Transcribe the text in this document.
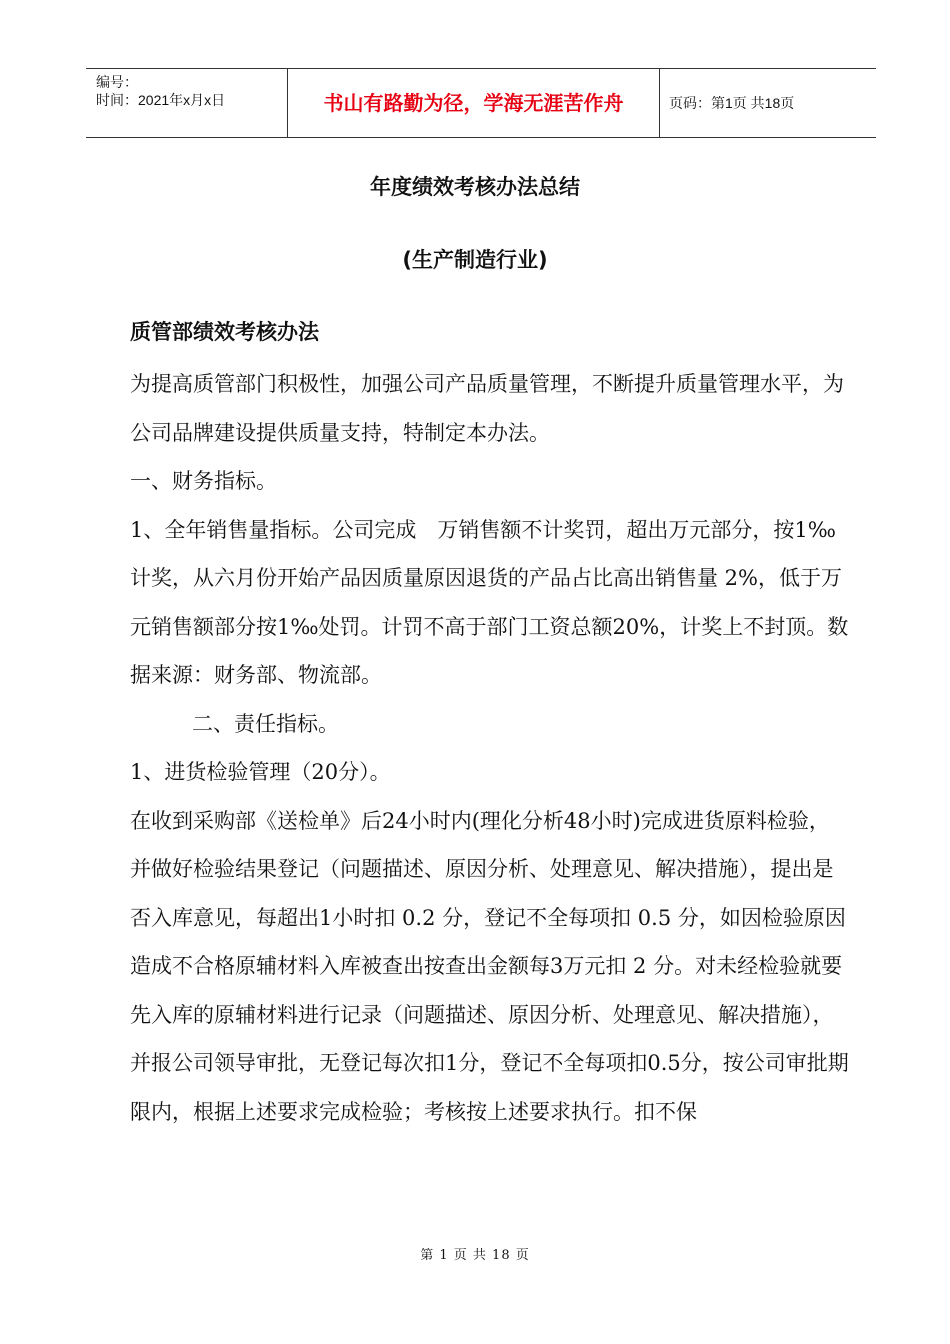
编号：
时间：2021年x月x日	书山有路勤为径，学海无涯苦作舟	页码：第1页 共18页
年度绩效考核办法总结
(生产制造行业)
质管部绩效考核办法

为提高质管部门积极性，加强公司产品质量管理，不断提升质量管理水平，为公司品牌建设提供质量支持，特制定本办法。

一、财务指标。

1、全年销售量指标。公司完成　万销售额不计奖罚，超出万元部分，按1‰计奖，从六月份开始产品因质量原因退货的产品占比高出销售量 2%，低于万元销售额部分按1‰处罚。计罚不高于部门工资总额20%，计奖上不封顶。数据来源：财务部、物流部。

二、责任指标。

1、进货检验管理（20分）。

在收到采购部《送检单》后24小时内(理化分析48小时)完成进货原料检验，并做好检验结果登记（问题描述、原因分析、处理意见、解决措施），提出是否入库意见，每超出1小时扣 0.2 分，登记不全每项扣 0.5 分，如因检验原因造成不合格原辅材料入库被查出按查出金额每3万元扣 2 分。对未经检验就要先入库的原辅材料进行记录（问题描述、原因分析、处理意见、解决措施），并报公司领导审批，无登记每次扣1分，登记不全每项扣0.5分，按公司审批期限内，根据上述要求完成检验；考核按上述要求执行。扣不保

第 1 页 共 18 页
